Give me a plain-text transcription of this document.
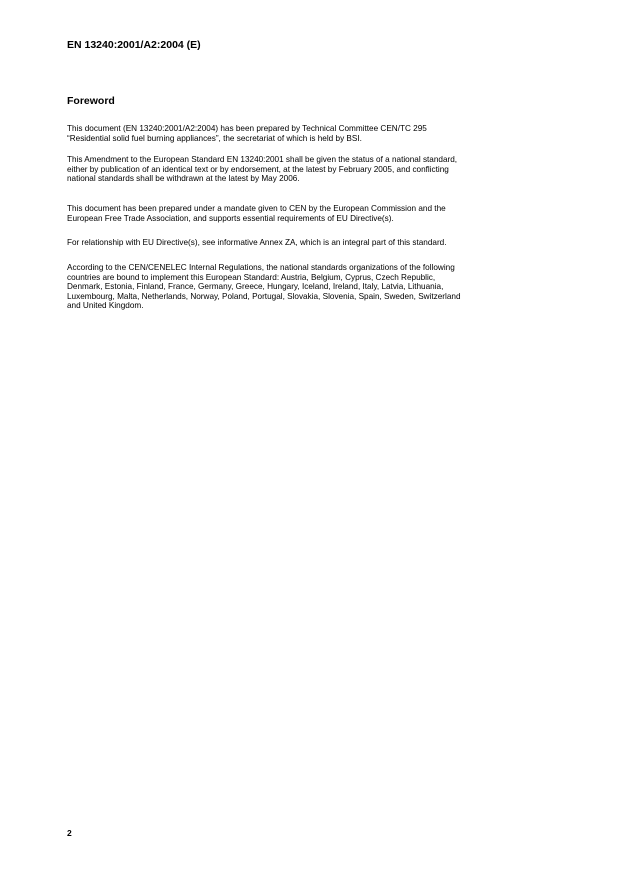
EN 13240:2001/A2:2004 (E)
Foreword

This document (EN 13240:2001/A2:2004) has been prepared by Technical Committee CEN/TC 295
“Residential solid fuel burning appliances”, the secretariat of which is held by BSI.

This Amendment to the European Standard EN 13240:2001 shall be given the status of a national standard,
either by publication of an identical text or by endorsement, at the latest by February 2005, and conflicting
national standards shall be withdrawn at the latest by May 2006.

This document has been prepared under a mandate given to CEN by the European Commission and the
European Free Trade Association, and supports essential requirements of EU Directive(s).

For relationship with EU Directive(s), see informative Annex ZA, which is an integral part of this standard.

According to the CEN/CENELEC Internal Regulations, the national standards organizations of the following
countries are bound to implement this European Standard: Austria, Belgium, Cyprus, Czech Republic,
Denmark, Estonia, Finland, France, Germany, Greece, Hungary, Iceland, Ireland, Italy, Latvia, Lithuania,
Luxembourg, Malta, Netherlands, Norway, Poland, Portugal, Slovakia, Slovenia, Spain, Sweden, Switzerland
and United Kingdom.

2
